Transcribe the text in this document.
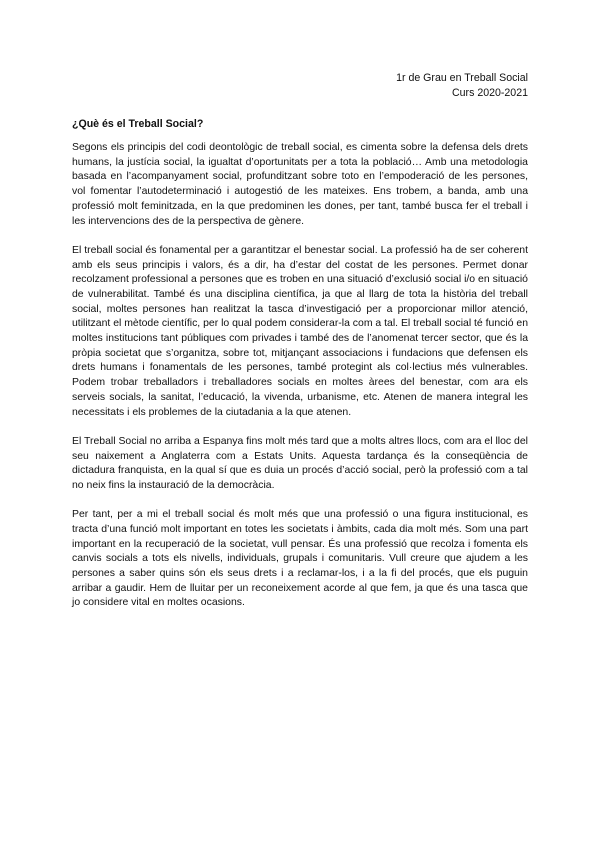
1r de Grau en Treball Social
Curs 2020-2021
¿Què és el Treball Social?

Segons els principis del codi deontològic de treball social, es cimenta sobre la defensa dels drets humans, la justícia social, la igualtat d’oportunitats per a tota la població… Amb una metodologia basada en l’acompanyament social, profunditzant sobre toto en l’empoderació de les persones, vol fomentar l’autodeterminació i autogestió de les mateixes. Ens trobem, a banda, amb una professió molt feminitzada, en la que predominen les dones, per tant, també busca fer el treball i les intervencions des de la perspectiva de gènere.

El treball social és fonamental per a garantitzar el benestar social. La professió ha de ser coherent amb els seus principis i valors, és a dir, ha d’estar del costat de les persones. Permet donar recolzament professional a persones que es troben en una situació d’exclusió social i/o en situació de vulnerabilitat. També és una disciplina científica, ja que al llarg de tota la història del treball social, moltes persones han realitzat la tasca d’investigació per a proporcionar millor atenció, utilitzant el mètode científic, per lo qual podem considerar-la com a tal. El treball social té funció en moltes institucions tant públiques com privades i també des de l’anomenat tercer sector, que és la pròpia societat que s’organitza, sobre tot, mitjançant associacions i fundacions que defensen els drets humans i fonamentals de les persones, també protegint als col·lectius més vulnerables. Podem trobar treballadors i treballadores socials en moltes àrees del benestar, com ara els serveis socials, la sanitat, l’educació, la vivenda, urbanisme, etc. Atenen de manera integral les necessitats i els problemes de la ciutadania a la que atenen.

El Treball Social no arriba a Espanya fins molt més tard que a molts altres llocs, com ara el lloc del seu naixement a Anglaterra com a Estats Units. Aquesta tardança és la conseqüència de dictadura franquista, en la qual sí que es duia un procés d’acció social, però la professió com a tal no neix fins la instauració de la democràcia.

Per tant, per a mi el treball social és molt més que una professió o una figura institucional, es tracta d’una funció molt important en totes les societats i àmbits, cada dia molt més. Som una part important en la recuperació de la societat, vull pensar. És una professió que recolza i fomenta els canvis socials a tots els nivells, individuals, grupals i comunitaris. Vull creure que ajudem a les persones a saber quins són els seus drets i a reclamar-los, i a la fi del procés, que els puguin arribar a gaudir. Hem de lluitar per un reconeixement acorde al que fem, ja que és una tasca que jo considere vital en moltes ocasions.
